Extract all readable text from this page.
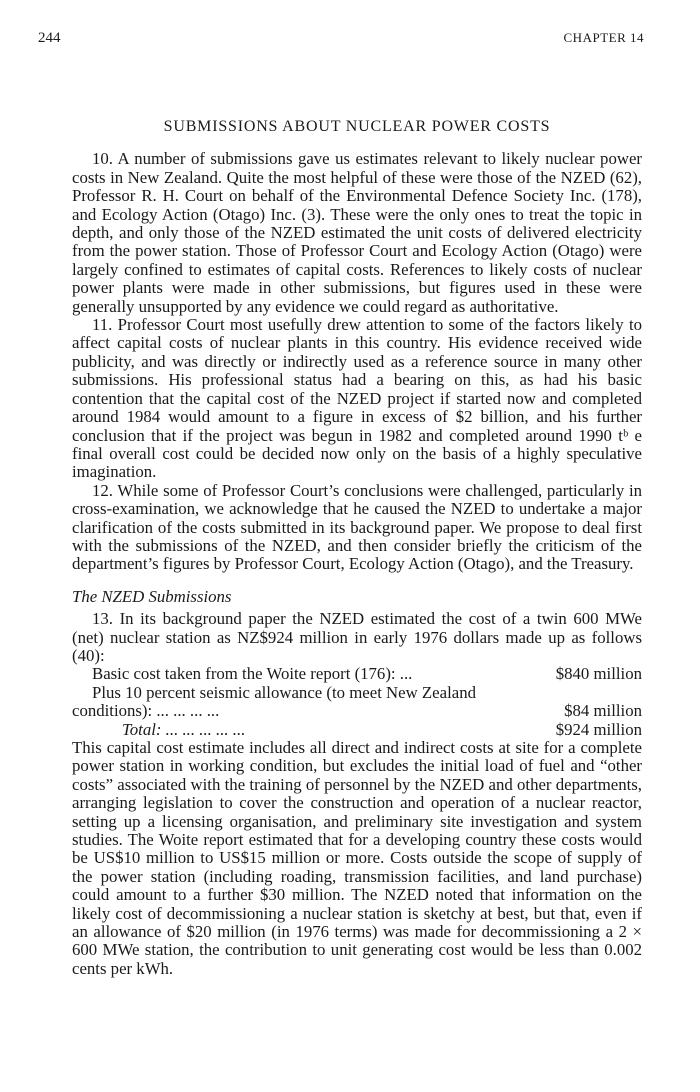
244	CHAPTER 14
SUBMISSIONS ABOUT NUCLEAR POWER COSTS

10. A number of submissions gave us estimates relevant to likely nuclear power costs in New Zealand. Quite the most helpful of these were those of the NZED (62), Professor R. H. Court on behalf of the Environmental Defence Society Inc. (178), and Ecology Action (Otago) Inc. (3). These were the only ones to treat the topic in depth, and only those of the NZED estimated the unit costs of delivered electricity from the power station. Those of Professor Court and Ecology Action (Otago) were largely confined to estimates of capital costs. References to likely costs of nuclear power plants were made in other submissions, but figures used in these were generally unsupported by any evidence we could regard as authoritative.

11. Professor Court most usefully drew attention to some of the factors likely to affect capital costs of nuclear plants in this country. His evidence received wide publicity, and was directly or indirectly used as a reference source in many other submissions. His professional status had a bearing on this, as had his basic contention that the capital cost of the NZED project if started now and completed around 1984 would amount to a figure in excess of $2 billion, and his further conclusion that if the project was begun in 1982 and completed around 1990 tᵇ e final overall cost could be decided now only on the basis of a highly speculative imagination.

12. While some of Professor Court’s conclusions were challenged, particularly in cross-examination, we acknowledge that he caused the NZED to undertake a major clarification of the costs submitted in its background paper. We propose to deal first with the submissions of the NZED, and then consider briefly the criticism of the department’s figures by Professor Court, Ecology Action (Otago), and the Treasury.

The NZED Submissions

13. In its background paper the NZED estimated the cost of a twin 600 MWe (net) nuclear station as NZ$924 million in early 1976 dollars made up as follows (40):

Basic cost taken from the Woite report (176): ...	$840 million
Plus 10 percent seismic allowance (to meet New Zealand conditions): ... ... ... ...	$84 million
Total: ... ... ... ... ...	$924 million

This capital cost estimate includes all direct and indirect costs at site for a complete power station in working condition, but excludes the initial load of fuel and “other costs” associated with the training of personnel by the NZED and other departments, arranging legislation to cover the construction and operation of a nuclear reactor, setting up a licensing organisation, and preliminary site investigation and system studies. The Woite report estimated that for a developing country these costs would be US$10 million to US$15 million or more. Costs outside the scope of supply of the power station (including roading, transmission facilities, and land purchase) could amount to a further $30 million. The NZED noted that information on the likely cost of decommissioning a nuclear station is sketchy at best, but that, even if an allowance of $20 million (in 1976 terms) was made for decommissioning a 2 × 600 MWe station, the contribution to unit generating cost would be less than 0.002 cents per kWh.
